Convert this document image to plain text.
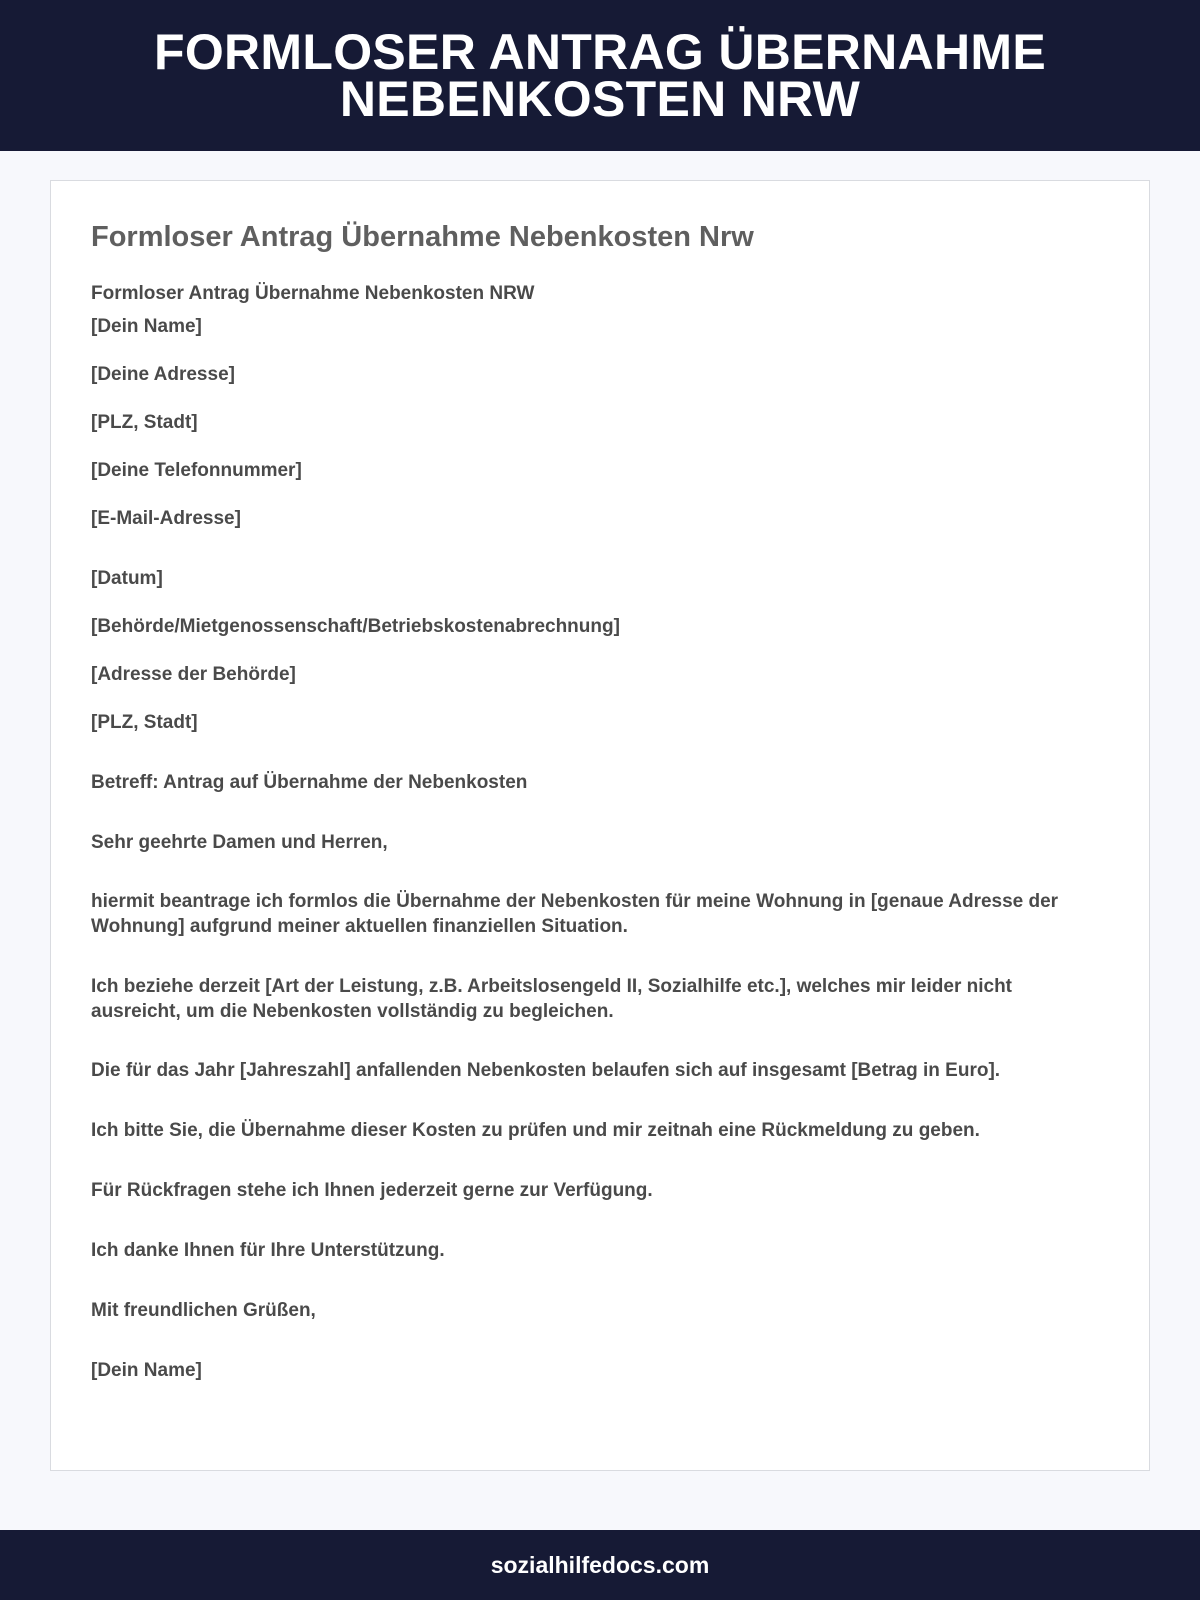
FORMLOSER ANTRAG ÜBERNAHME NEBENKOSTEN NRW
Formloser Antrag Übernahme Nebenkosten Nrw
Formloser Antrag Übernahme Nebenkosten NRW
[Dein Name]
[Deine Adresse]
[PLZ, Stadt]
[Deine Telefonnummer]
[E-Mail-Adresse]
[Datum]
[Behörde/Mietgenossenschaft/Betriebskostenabrechnung]
[Adresse der Behörde]
[PLZ, Stadt]
Betreff: Antrag auf Übernahme der Nebenkosten
Sehr geehrte Damen und Herren,
hiermit beantrage ich formlos die Übernahme der Nebenkosten für meine Wohnung in [genaue Adresse der Wohnung] aufgrund meiner aktuellen finanziellen Situation.
Ich beziehe derzeit [Art der Leistung, z.B. Arbeitslosengeld II, Sozialhilfe etc.], welches mir leider nicht ausreicht, um die Nebenkosten vollständig zu begleichen.
Die für das Jahr [Jahreszahl] anfallenden Nebenkosten belaufen sich auf insgesamt [Betrag in Euro].
Ich bitte Sie, die Übernahme dieser Kosten zu prüfen und mir zeitnah eine Rückmeldung zu geben.
Für Rückfragen stehe ich Ihnen jederzeit gerne zur Verfügung.
Ich danke Ihnen für Ihre Unterstützung.
Mit freundlichen Grüßen,
[Dein Name]
sozialhilfedocs.com
